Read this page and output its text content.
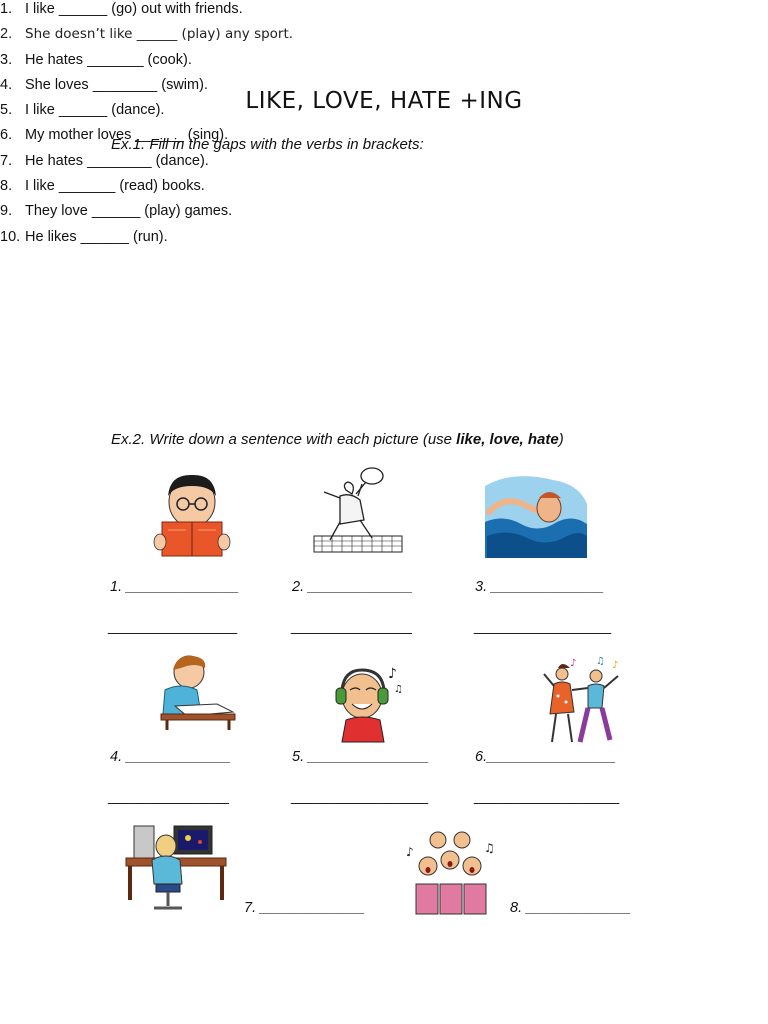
LIKE, LOVE, HATE +ING
Ex.1. Fill in the gaps with the verbs in brackets:
1. I like ______ (go) out with friends.
2. She doesn’t like ______ (play) any sport.
3. He hates _______ (cook).
4. She loves ________ (swim).
5. I like ______ (dance).
6. My mother loves ______ (sing).
7. He hates ________ (dance).
8. I like _______ (read) books.
9. They love ______ (play) games.
10. He likes ______ (run).
Ex.2. Write down a sentence with each picture (use like, love, hate)
♪
♫
♪ ♫ ♪
♪	♫
1. ______________	2. _____________	3. ______________
________________	_______________	_________________
4. _____________	5. _______________	6.________________
_______________	_________________	__________________
7. _____________	8. _____________
